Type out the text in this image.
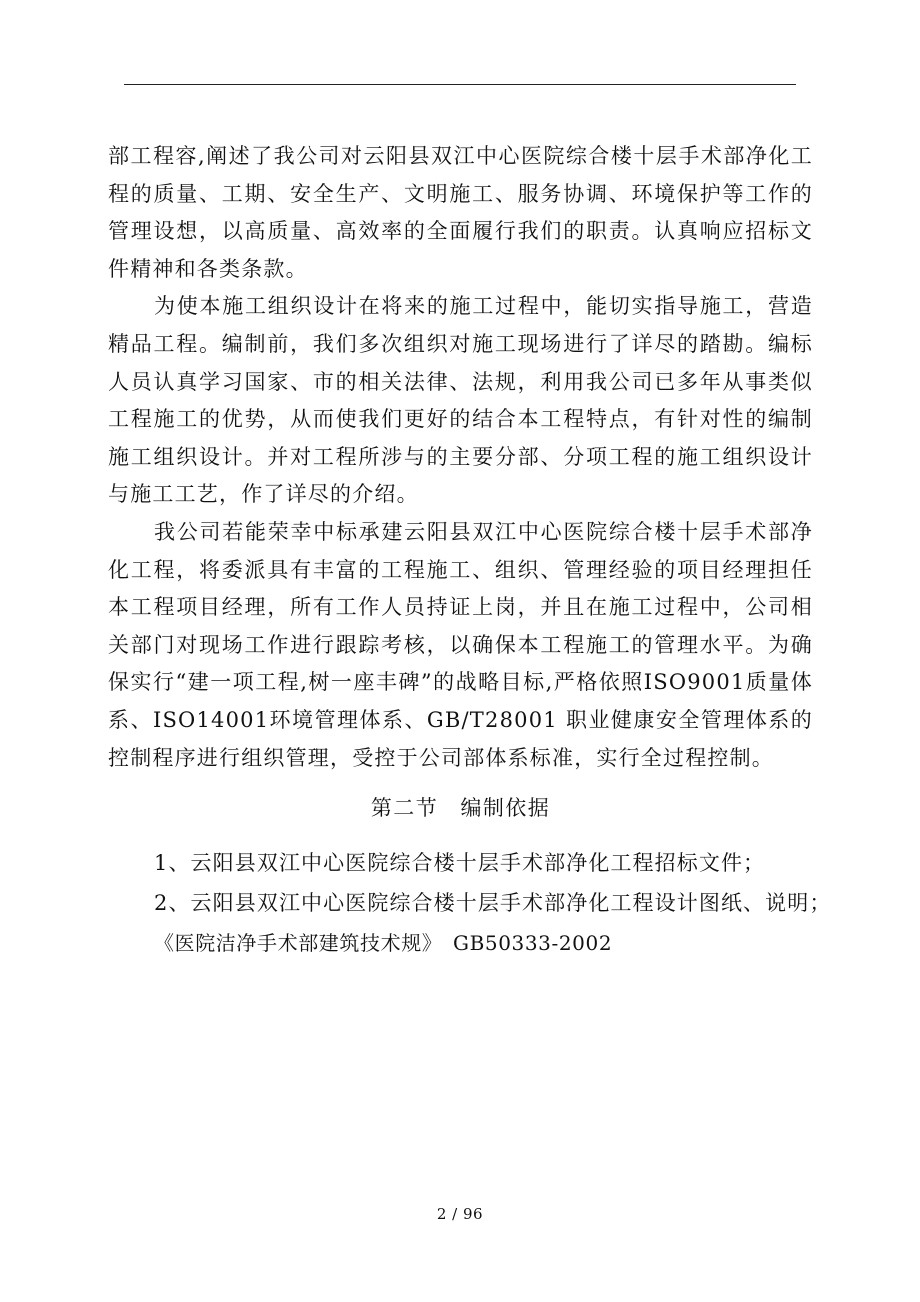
部工程容,阐述了我公司对云阳县双江中心医院综合楼十层手术部净化工程的质量、工期、安全生产、文明施工、服务协调、环境保护等工作的管理设想，以高质量、高效率的全面履行我们的职责。认真响应招标文件精神和各类条款。

为使本施工组织设计在将来的施工过程中，能切实指导施工，营造精品工程。编制前，我们多次组织对施工现场进行了详尽的踏勘。编标人员认真学习国家、市的相关法律、法规，利用我公司已多年从事类似工程施工的优势，从而使我们更好的结合本工程特点，有针对性的编制施工组织设计。并对工程所涉与的主要分部、分项工程的施工组织设计与施工工艺，作了详尽的介绍。

我公司若能荣幸中标承建云阳县双江中心医院综合楼十层手术部净化工程，将委派具有丰富的工程施工、组织、管理经验的项目经理担任本工程项目经理，所有工作人员持证上岗，并且在施工过程中，公司相关部门对现场工作进行跟踪考核，以确保本工程施工的管理水平。为确保实行“建一项工程,树一座丰碑”的战略目标,严格依照ISO9001质量体系、ISO14001环境管理体系、GB/T28001 职业健康安全管理体系的控制程序进行组织管理，受控于公司部体系标准，实行全过程控制。

第二节　编制依据

1、云阳县双江中心医院综合楼十层手术部净化工程招标文件；

2、云阳县双江中心医院综合楼十层手术部净化工程设计图纸、说明；

《医院洁净手术部建筑技术规》　GB50333-2002

2 / 96
